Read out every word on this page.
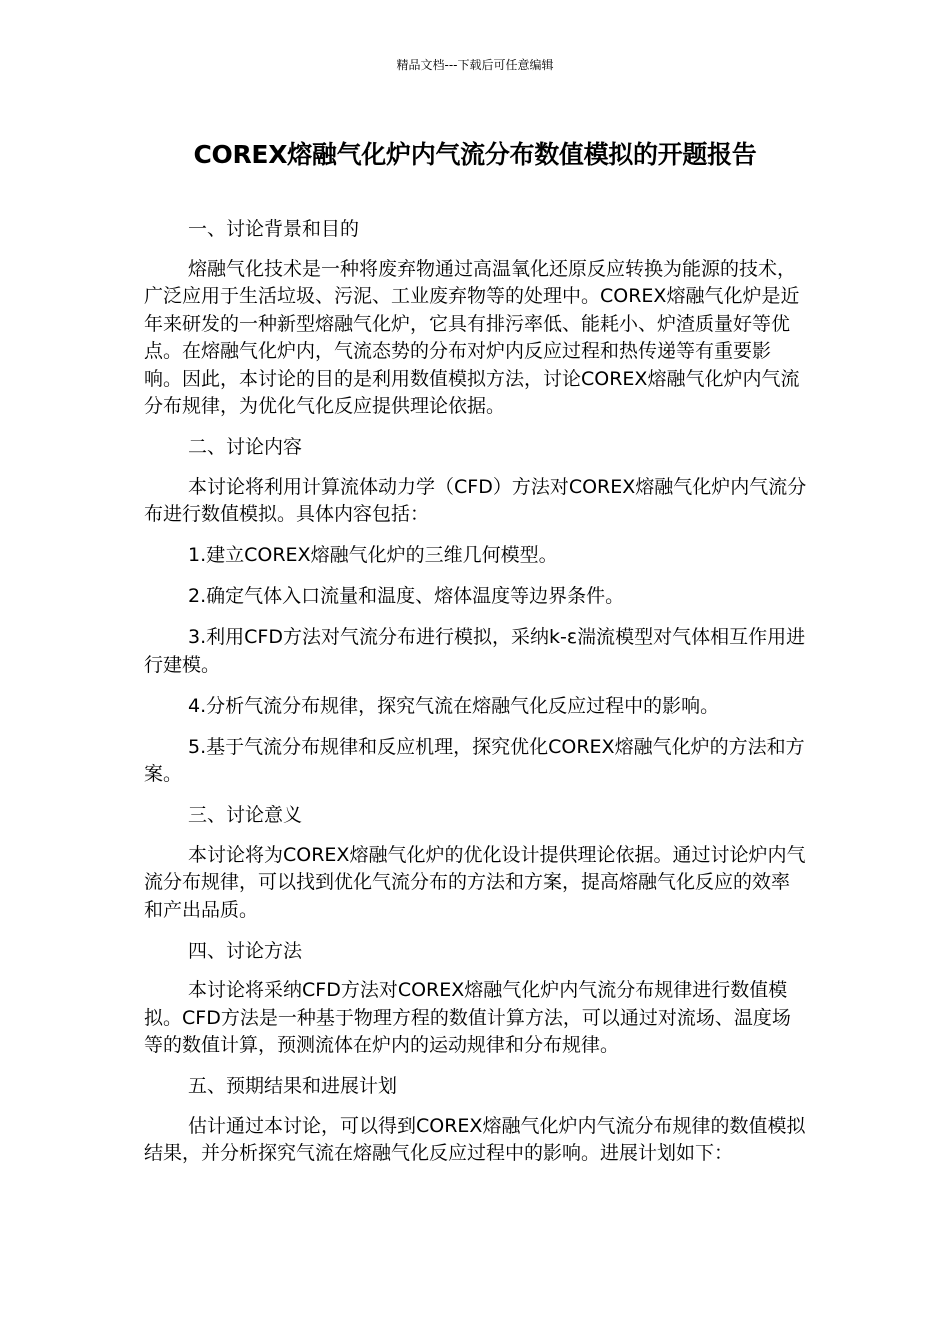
精品文档---下载后可任意编辑
COREX熔融气化炉内气流分布数值模拟的开题报告

一、讨论背景和目的

熔融气化技术是一种将废弃物通过高温氧化还原反应转换为能源的技术，广泛应用于生活垃圾、污泥、工业废弃物等的处理中。COREX熔融气化炉是近年来研发的一种新型熔融气化炉，它具有排污率低、能耗小、炉渣质量好等优点。在熔融气化炉内，气流态势的分布对炉内反应过程和热传递等有重要影响。因此，本讨论的目的是利用数值模拟方法，讨论COREX熔融气化炉内气流分布规律，为优化气化反应提供理论依据。

二、讨论内容

本讨论将利用计算流体动力学（CFD）方法对COREX熔融气化炉内气流分布进行数值模拟。具体内容包括：

1.建立COREX熔融气化炉的三维几何模型。

2.确定气体入口流量和温度、熔体温度等边界条件。

3.利用CFD方法对气流分布进行模拟，采纳k-ε湍流模型对气体相互作用进行建模。

4.分析气流分布规律，探究气流在熔融气化反应过程中的影响。

5.基于气流分布规律和反应机理，探究优化COREX熔融气化炉的方法和方案。

三、讨论意义

本讨论将为COREX熔融气化炉的优化设计提供理论依据。通过讨论炉内气流分布规律，可以找到优化气流分布的方法和方案，提高熔融气化反应的效率和产出品质。

四、讨论方法

本讨论将采纳CFD方法对COREX熔融气化炉内气流分布规律进行数值模拟。CFD方法是一种基于物理方程的数值计算方法，可以通过对流场、温度场等的数值计算，预测流体在炉内的运动规律和分布规律。

五、预期结果和进展计划

估计通过本讨论，可以得到COREX熔融气化炉内气流分布规律的数值模拟结果，并分析探究气流在熔融气化反应过程中的影响。进展计划如下：
